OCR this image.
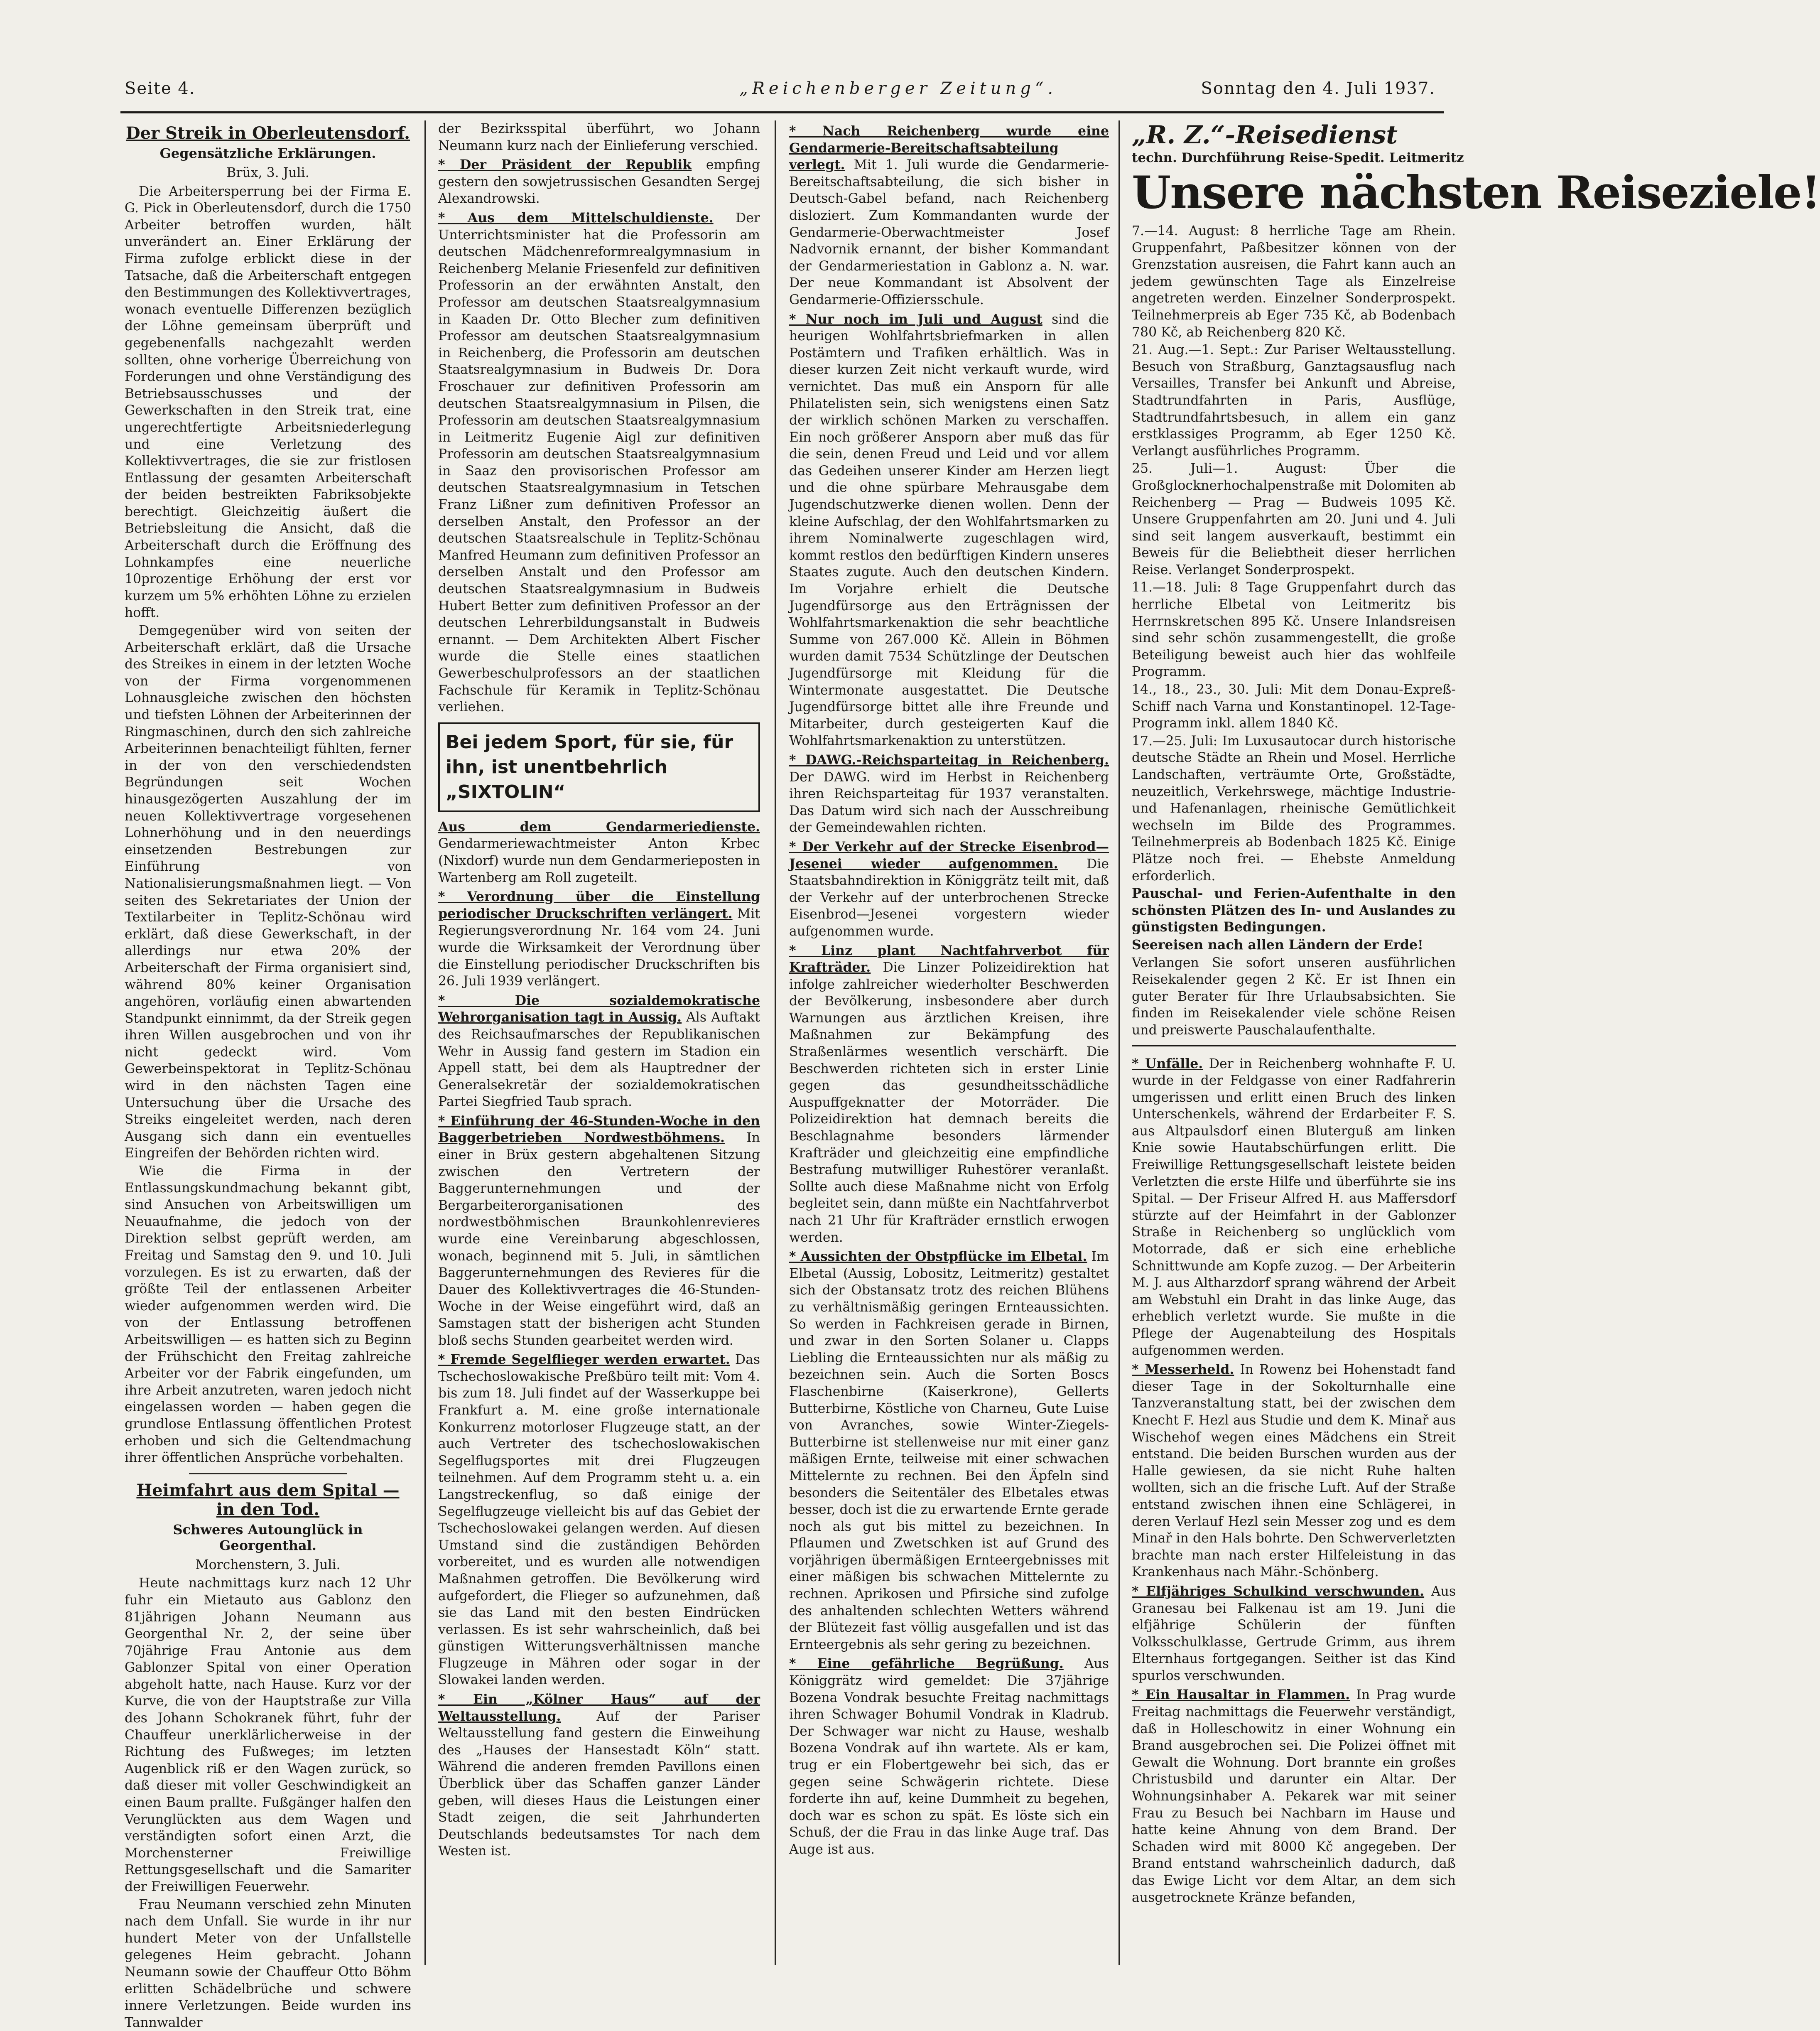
Seite 4.	„Reichenberger Zeitung“.	Sonntag den 4. Juli 1937.
Der Streik in Oberleutensdorf.
Gegensätzliche Erklärungen.
Brüx, 3. Juli.

Die Arbeitersperrung bei der Firma E. G. Pick in Oberleutensdorf, durch die 1750 Arbeiter betroffen wurden, hält unverändert an. Einer Erklärung der Firma zufolge erblickt diese in der Tatsache, daß die Arbeiterschaft entgegen den Bestimmungen des Kollektivvertrages, wonach eventuelle Differenzen bezüglich der Löhne gemeinsam überprüft und gegebenenfalls nachgezahlt werden sollten, ohne vorherige Überreichung von Forderungen und ohne Verständigung des Betriebsausschusses und der Gewerkschaften in den Streik trat, eine ungerechtfertigte Arbeitsniederlegung und eine Verletzung des Kollektivvertrages, die sie zur fristlosen Entlassung der gesamten Arbeiterschaft der beiden bestreikten Fabriksobjekte berechtigt. Gleichzeitig äußert die Betriebsleitung die Ansicht, daß die Arbeiterschaft durch die Eröffnung des Lohnkampfes eine neuerliche 10prozentige Erhöhung der erst vor kurzem um 5% erhöhten Löhne zu erzielen hofft.

Demgegenüber wird von seiten der Arbeiterschaft erklärt, daß die Ursache des Streikes in einem in der letzten Woche von der Firma vorgenommenen Lohnausgleiche zwischen den höchsten und tiefsten Löhnen der Arbeiterinnen der Ringmaschinen, durch den sich zahlreiche Arbeiterinnen benachteiligt fühlten, ferner in der von den verschiedendsten Begründungen seit Wochen hinausgezögerten Auszahlung der im neuen Kollektivvertrage vorgesehenen Lohnerhöhung und in den neuerdings einsetzenden Bestrebungen zur Einführung von Nationalisierungsmaßnahmen liegt. — Von seiten des Sekretariates der Union der Textilarbeiter in Teplitz-Schönau wird erklärt, daß diese Gewerkschaft, in der allerdings nur etwa 20% der Arbeiterschaft der Firma organisiert sind, während 80% keiner Organisation angehören, vorläufig einen abwartenden Standpunkt einnimmt, da der Streik gegen ihren Willen ausgebrochen und von ihr nicht gedeckt wird. Vom Gewerbeinspektorat in Teplitz-Schönau wird in den nächsten Tagen eine Untersuchung über die Ursache des Streiks eingeleitet werden, nach deren Ausgang sich dann ein eventuelles Eingreifen der Behörden richten wird.

Wie die Firma in der Entlassungskundmachung bekannt gibt, sind Ansuchen von Arbeitswilligen um Neuaufnahme, die jedoch von der Direktion selbst geprüft werden, am Freitag und Samstag den 9. und 10. Juli vorzulegen. Es ist zu erwarten, daß der größte Teil der entlassenen Arbeiter wieder aufgenommen werden wird. Die von der Entlassung betroffenen Arbeitswilligen — es hatten sich zu Beginn der Frühschicht den Freitag zahlreiche Arbeiter vor der Fabrik eingefunden, um ihre Arbeit anzutreten, waren jedoch nicht eingelassen worden — haben gegen die grundlose Entlassung öffentlichen Protest erhoben und sich die Geltendmachung ihrer öffentlichen Ansprüche vorbehalten.

Heimfahrt aus dem Spital — in den Tod.
Schweres Autounglück in Georgenthal.
Morchenstern, 3. Juli.

Heute nachmittags kurz nach 12 Uhr fuhr ein Mietauto aus Gablonz den 81jährigen Johann Neumann aus Georgenthal Nr. 2, der seine über 70jährige Frau Antonie aus dem Gablonzer Spital von einer Operation abgeholt hatte, nach Hause. Kurz vor der Kurve, die von der Hauptstraße zur Villa des Johann Schokranek führt, fuhr der Chauffeur unerklärlicherweise in der Richtung des Fußweges; im letzten Augenblick riß er den Wagen zurück, so daß dieser mit voller Geschwindigkeit an einen Baum prallte. Fußgänger halfen den Verunglückten aus dem Wagen und verständigten sofort einen Arzt, die Morchensterner Freiwillige Rettungsgesellschaft und die Samariter der Freiwilligen Feuerwehr.

Frau Neumann verschied zehn Minuten nach dem Unfall. Sie wurde in ihr nur hundert Meter von der Unfallstelle gelegenes Heim gebracht. Johann Neumann sowie der Chauffeur Otto Böhm erlitten Schädelbrüche und schwere innere Verletzungen. Beide wurden ins Tannwalder

der Bezirksspital überführt, wo Johann Neumann kurz nach der Einlieferung verschied.

* Der Präsident der Republik empfing gestern den sowjetrussischen Gesandten Sergej Alexandrowski.

* Aus dem Mittelschuldienste. Der Unterrichtsminister hat die Professorin am deutschen Mädchenreformrealgymnasium in Reichenberg Melanie Friesenfeld zur definitiven Professorin an der erwähnten Anstalt, den Professor am deutschen Staatsrealgymnasium in Kaaden Dr. Otto Blecher zum definitiven Professor am deutschen Staatsrealgymnasium in Reichenberg, die Professorin am deutschen Staatsrealgymnasium in Budweis Dr. Dora Froschauer zur definitiven Professorin am deutschen Staatsrealgymnasium in Pilsen, die Professorin am deutschen Staatsrealgymnasium in Leitmeritz Eugenie Aigl zur definitiven Professorin am deutschen Staatsrealgymnasium in Saaz den provisorischen Professor am deutschen Staatsrealgymnasium in Tetschen Franz Lißner zum definitiven Professor an derselben Anstalt, den Professor an der deutschen Staatsrealschule in Teplitz-Schönau Manfred Heumann zum definitiven Professor an derselben Anstalt und den Professor am deutschen Staatsrealgymnasium in Budweis Hubert Better zum definitiven Professor an der deutschen Lehrerbildungsanstalt in Budweis ernannt. — Dem Architekten Albert Fischer wurde die Stelle eines staatlichen Gewerbeschulprofessors an der staatlichen Fachschule für Keramik in Teplitz-Schönau verliehen.

Bei jedem Sport, für sie, für ihn, ist unentbehrlich „SIXTOLIN“

Aus dem Gendarmeriedienste. Gendarmeriewachtmeister Anton Krbec (Nixdorf) wurde nun dem Gendarmerieposten in Wartenberg am Roll zugeteilt.

* Verordnung über die Einstellung periodischer Druckschriften verlängert. Mit Regierungsverordnung Nr. 164 vom 24. Juni wurde die Wirksamkeit der Verordnung über die Einstellung periodischer Druckschriften bis 26. Juli 1939 verlängert.

* Die sozialdemokratische Wehrorganisation tagt in Aussig. Als Auftakt des Reichsaufmarsches der Republikanischen Wehr in Aussig fand gestern im Stadion ein Appell statt, bei dem als Hauptredner der Generalsekretär der sozialdemokratischen Partei Siegfried Taub sprach.

* Einführung der 46-Stunden-Woche in den Baggerbetrieben Nordwestböhmens. In einer in Brüx gestern abgehaltenen Sitzung zwischen den Vertretern der Baggerunternehmungen und der Bergarbeiterorganisationen des nordwestböhmischen Braunkohlenrevieres wurde eine Vereinbarung abgeschlossen, wonach, beginnend mit 5. Juli, in sämtlichen Baggerunternehmungen des Revieres für die Dauer des Kollektivvertrages die 46-Stunden-Woche in der Weise eingeführt wird, daß an Samstagen statt der bisherigen acht Stunden bloß sechs Stunden gearbeitet werden wird.

* Fremde Segelflieger werden erwartet. Das Tschechoslowakische Preßbüro teilt mit: Vom 4. bis zum 18. Juli findet auf der Wasserkuppe bei Frankfurt a. M. eine große internationale Konkurrenz motorloser Flugzeuge statt, an der auch Vertreter des tschechoslowakischen Segelflugsportes mit drei Flugzeugen teilnehmen. Auf dem Programm steht u. a. ein Langstreckenflug, so daß einige der Segelflugzeuge vielleicht bis auf das Gebiet der Tschechoslowakei gelangen werden. Auf diesen Umstand sind die zuständigen Behörden vorbereitet, und es wurden alle notwendigen Maßnahmen getroffen. Die Bevölkerung wird aufgefordert, die Flieger so aufzunehmen, daß sie das Land mit den besten Eindrücken verlassen. Es ist sehr wahrscheinlich, daß bei günstigen Witterungsverhältnissen manche Flugzeuge in Mähren oder sogar in der Slowakei landen werden.

* Ein „Kölner Haus“ auf der Weltausstellung.	Auf der Pariser Weltausstellung fand gestern die Einweihung des „Hauses der Hansestadt Köln“ statt. Während die anderen fremden Pavillons einen Überblick über das Schaffen ganzer Länder geben, will dieses Haus die Leistungen einer Stadt zeigen, die seit Jahrhunderten Deutschlands bedeutsamstes Tor nach dem Westen ist.

* Nach Reichenberg wurde eine Gendarmerie-Bereitschaftsabteilung verlegt. Mit 1. Juli wurde die Gendarmerie-Bereitschaftsabteilung, die sich bisher in Deutsch-Gabel befand, nach Reichenberg disloziert. Zum Kommandanten wurde der Gendarmerie-Oberwachtmeister Josef Nadvornik ernannt, der bisher Kommandant der Gendarmeriestation in Gablonz a. N. war. Der neue Kommandant ist Absolvent der Gendarmerie-Offiziersschule.

* Nur noch im Juli und August sind die heurigen Wohlfahrtsbriefmarken in allen Postämtern und Trafiken erhältlich. Was in dieser kurzen Zeit nicht verkauft wurde, wird vernichtet. Das muß ein Ansporn für alle Philatelisten sein, sich wenigstens einen Satz der wirklich schönen Marken zu verschaffen. Ein noch größerer Ansporn aber muß das für die sein, denen Freud und Leid und vor allem das Gedeihen unserer Kinder am Herzen liegt und die ohne spürbare Mehrausgabe dem Jugendschutzwerke dienen wollen. Denn der kleine Aufschlag, der den Wohlfahrtsmarken zu ihrem Nominalwerte zugeschlagen wird, kommt restlos den bedürftigen Kindern unseres Staates zugute. Auch den deutschen Kindern. Im Vorjahre erhielt die Deutsche Jugendfürsorge aus den Erträgnissen der Wohlfahrtsmarkenaktion die sehr beachtliche Summe von 267.000 Kč. Allein in Böhmen wurden damit 7534 Schützlinge der Deutschen Jugendfürsorge mit Kleidung für die Wintermonate ausgestattet. Die Deutsche Jugendfürsorge bittet alle ihre Freunde und Mitarbeiter, durch gesteigerten Kauf die Wohlfahrtsmarkenaktion zu unterstützen.

* DAWG.-Reichsparteitag in Reichenberg. Der DAWG. wird im Herbst in Reichenberg ihren Reichsparteitag für 1937 veranstalten. Das Datum wird sich nach der Ausschreibung der Gemeindewahlen richten.

* Der Verkehr auf der Strecke Eisenbrod—Jesenei wieder aufgenommen. Die Staatsbahndirektion in Königgrätz teilt mit, daß der Verkehr auf der unterbrochenen Strecke Eisenbrod—Jesenei vorgestern wieder aufgenommen wurde.

* Linz plant Nachtfahrverbot für Krafträder. Die Linzer Polizeidirektion hat infolge zahlreicher wiederholter Beschwerden der Bevölkerung, insbesondere aber durch Warnungen aus ärztlichen Kreisen, ihre Maßnahmen zur Bekämpfung des Straßenlärmes wesentlich verschärft. Die Beschwerden richteten sich in erster Linie gegen das gesundheitsschädliche Auspuffgeknatter der Motorräder. Die Polizeidirektion hat demnach bereits die Beschlagnahme besonders lärmender Krafträder und gleichzeitig eine empfindliche Bestrafung mutwilliger Ruhestörer veranlaßt. Sollte auch diese Maßnahme nicht von Erfolg begleitet sein, dann müßte ein Nachtfahrverbot nach 21 Uhr für Krafträder ernstlich erwogen werden.

* Aussichten der Obstpflücke im Elbetal. Im Elbetal (Aussig, Lobositz, Leitmeritz) gestaltet sich der Obstansatz trotz des reichen Blühens zu verhältnismäßig geringen Ernteaussichten. So werden in Fachkreisen gerade in Birnen, und zwar in den Sorten Solaner u. Clapps Liebling die Ernteaussichten nur als mäßig zu bezeichnen sein. Auch die Sorten Boscs Flaschenbirne (Kaiserkrone), Gellerts Butterbirne, Köstliche von Charneu, Gute Luise von Avranches, sowie Winter-Ziegels-Butterbirne ist stellenweise nur mit einer ganz mäßigen Ernte, teilweise mit einer schwachen Mittelernte zu rechnen. Bei den Äpfeln sind besonders die Seitentäler des Elbetales etwas besser, doch ist die zu erwartende Ernte gerade noch als gut bis mittel zu bezeichnen. In Pflaumen und Zwetschken ist auf Grund des vorjährigen übermäßigen Ernteergebnisses mit einer mäßigen bis schwachen Mittelernte zu rechnen. Aprikosen und Pfirsiche sind zufolge des anhaltenden schlechten Wetters während der Blütezeit fast völlig ausgefallen und ist das Ernteergebnis als sehr gering zu bezeichnen.

* Eine gefährliche Begrüßung. Aus Königgrätz wird gemeldet: Die 37jährige Bozena Vondrak besuchte Freitag nachmittags ihren Schwager Bohumil Vondrak in Kladrub. Der Schwager war nicht zu Hause, weshalb Bozena Vondrak auf ihn wartete. Als er kam, trug er ein Flobertgewehr bei sich, das er gegen seine Schwägerin richtete. Diese forderte ihn auf, keine Dummheit zu begehen, doch war es schon zu spät. Es löste sich ein Schuß, der die Frau in das linke Auge traf. Das Auge ist aus.

„R. Z.“-Reisedienst
techn. Durchführung Reise-Spedit. Leitmeritz
Unsere nächsten Reiseziele!

7.—14. August: 8 herrliche Tage am Rhein. Gruppenfahrt, Paßbesitzer können von der Grenzstation ausreisen, die Fahrt kann auch an jedem gewünschten Tage als Einzelreise angetreten werden. Einzelner Sonderprospekt. Teilnehmerpreis ab Eger 735 Kč, ab Bodenbach 780 Kč, ab Reichenberg 820 Kč.

21. Aug.—1. Sept.: Zur Pariser Weltausstellung. Besuch von Straßburg, Ganztagsausflug nach Versailles, Transfer bei Ankunft und Abreise, Stadtrundfahrten in Paris, Ausflüge, Stadtrundfahrtsbesuch, in allem ein ganz erstklassiges Programm, ab Eger 1250 Kč. Verlangt ausführliches Programm.

25. Juli—1. August: Über die Großglocknerhochalpenstraße mit Dolomiten ab Reichenberg — Prag — Budweis 1095 Kč. Unsere Gruppenfahrten am 20. Juni und 4. Juli sind seit langem ausverkauft, bestimmt ein Beweis für die Beliebtheit dieser herrlichen Reise. Verlanget Sonderprospekt.

11.—18. Juli: 8 Tage Gruppenfahrt durch das herrliche Elbetal von Leitmeritz bis Herrnskretschen 895 Kč. Unsere Inlandsreisen sind sehr schön zusammengestellt, die große Beteiligung beweist auch hier das wohlfeile Programm.

14., 18., 23., 30. Juli: Mit dem Donau-Expreß-Schiff nach Varna und Konstantinopel. 12-Tage-Programm inkl. allem 1840 Kč.

17.—25. Juli: Im Luxusautocar durch historische deutsche Städte an Rhein und Mosel. Herrliche Landschaften, verträumte Orte, Großstädte, neuzeitlich, Verkehrswege, mächtige Industrie- und Hafenanlagen, rheinische Gemütlichkeit wechseln im Bilde des Programmes. Teilnehmerpreis ab Bodenbach 1825 Kč. Einige Plätze noch frei. — Ehebste Anmeldung erforderlich.

Pauschal- und Ferien-Aufenthalte in den schönsten Plätzen des In- und Auslandes zu günstigsten Bedingungen.

Seereisen nach allen Ländern der Erde!

Verlangen Sie sofort unseren ausführlichen Reisekalender gegen 2 Kč. Er ist Ihnen ein guter Berater für Ihre Urlaubsabsichten. Sie finden im Reisekalender viele schöne Reisen und preiswerte Pauschalaufenthalte.

* Unfälle. Der in Reichenberg wohnhafte F. U. wurde in der Feldgasse von einer Radfahrerin umgerissen und erlitt einen Bruch des linken Unterschenkels, während der Erdarbeiter F. S. aus Altpaulsdorf einen Bluterguß am linken Knie sowie Hautabschürfungen erlitt. Die Freiwillige Rettungsgesellschaft leistete beiden Verletzten die erste Hilfe und überführte sie ins Spital. — Der Friseur Alfred H. aus Maffersdorf stürzte auf der Heimfahrt in der Gablonzer Straße in Reichenberg so unglücklich vom Motorrade, daß er sich eine erhebliche Schnittwunde am Kopfe zuzog. — Der Arbeiterin M. J. aus Altharzdorf sprang während der Arbeit am Webstuhl ein Draht in das linke Auge, das erheblich verletzt wurde. Sie mußte in die Pflege der Augenabteilung des Hospitals aufgenommen werden.

* Messerheld. In Rowenz bei Hohenstadt fand dieser Tage in der Sokolturnhalle eine Tanzveranstaltung statt, bei der zwischen dem Knecht F. Hezl aus Studie und dem K. Minař aus Wischehof wegen eines Mädchens ein Streit entstand. Die beiden Burschen wurden aus der Halle gewiesen, da sie nicht Ruhe halten wollten, sich an die frische Luft. Auf der Straße entstand zwischen ihnen eine Schlägerei, in deren Verlauf Hezl sein Messer zog und es dem Minař in den Hals bohrte. Den Schwerverletzten brachte man nach erster Hilfeleistung in das Krankenhaus nach Mähr.-Schönberg.

* Elfjähriges Schulkind verschwunden. Aus Granesau bei Falkenau ist am 19. Juni die elfjährige Schülerin der fünften Volksschulklasse, Gertrude Grimm, aus ihrem Elternhaus fortgegangen. Seither ist das Kind spurlos verschwunden.

* Ein Hausaltar in Flammen. In Prag wurde Freitag nachmittags die Feuerwehr verständigt, daß in Holleschowitz in einer Wohnung ein Brand ausgebrochen sei. Die Polizei öffnet mit Gewalt die Wohnung. Dort brannte ein großes Christusbild und darunter ein Altar. Der Wohnungsinhaber A. Pekarek war mit seiner Frau zu Besuch bei Nachbarn im Hause und hatte keine Ahnung von dem Brand. Der Schaden wird mit 8000 Kč angegeben. Der Brand entstand wahrscheinlich dadurch, daß das Ewige Licht vor dem Altar, an dem sich ausgetrocknete Kränze befanden,
